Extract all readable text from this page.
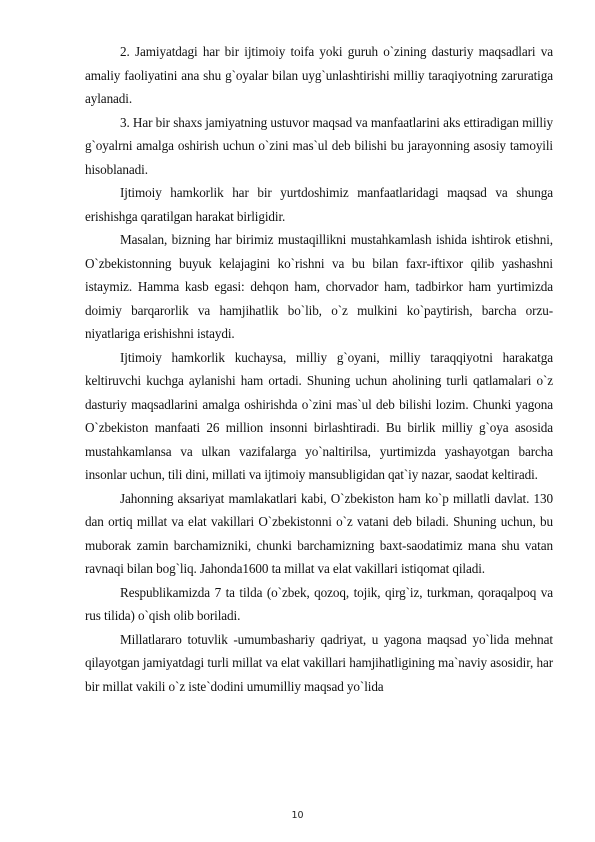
2. Jamiyatdagi har bir ijtimoiy toifa yoki guruh o`zining dasturiy maqsadlari va amaliy faoliyatini ana shu g`oyalar bilan uyg`unlashtirishi milliy taraqiyotning zaruratiga aylanadi.

3. Har bir shaxs jamiyatning ustuvor maqsad va manfaatlarini aks ettiradigan milliy g`oyalrni amalga oshirish uchun o`zini mas`ul deb bilishi bu jarayonning asosiy tamoyili hisoblanadi.

Ijtimoiy hamkorlik har bir yurtdoshimiz manfaatlaridagi maqsad va shunga erishishga qaratilgan harakat birligidir.

Masalan, bizning har birimiz mustaqillikni mustahkamlash ishida ishtirok etishni, O`zbekistonning buyuk kelajagini ko`rishni va bu bilan faxr-iftixor qilib yashashni istaymiz. Hamma kasb egasi: dehqon ham, chorvador ham, tadbirkor ham yurtimizda doimiy barqarorlik va hamjihatlik bo`lib, o`z mulkini ko`paytirish, barcha orzu-niyatlariga erishishni istaydi.

Ijtimoiy hamkorlik kuchaysa, milliy g`oyani, milliy taraqqiyotni harakatga keltiruvchi kuchga aylanishi ham ortadi. Shuning uchun aholining turli qatlamalari o`z dasturiy maqsadlarini amalga oshirishda o`zini mas`ul deb bilishi lozim. Chunki yagona O`zbekiston manfaati 26 million insonni birlashtiradi. Bu birlik milliy g`oya asosida mustahkamlansa va ulkan vazifalarga yo`naltirilsa, yurtimizda yashayotgan barcha insonlar uchun, tili dini, millati va ijtimoiy mansubligidan qat`iy nazar, saodat keltiradi.

Jahonning aksariyat mamlakatlari kabi, O`zbekiston ham ko`p millatli davlat. 130 dan ortiq millat va elat vakillari O`zbekistonni o`z vatani deb biladi. Shuning uchun, bu muborak zamin barchamizniki, chunki barchamizning baxt-saodatimiz mana shu vatan ravnaqi bilan bog`liq. Jahonda1600 ta millat va elat vakillari istiqomat qiladi.

Respublikamizda 7 ta tilda (o`zbek, qozoq, tojik, qirg`iz, turkman, qoraqalpoq va rus tilida) o`qish olib boriladi.

Millatlararo totuvlik -umumbashariy qadriyat, u yagona maqsad yo`lida mehnat qilayotgan jamiyatdagi turli millat va elat vakillari hamjihatligining ma`naviy asosidir, har bir millat vakili o`z iste`dodini umumilliy maqsad yo`lida

10
